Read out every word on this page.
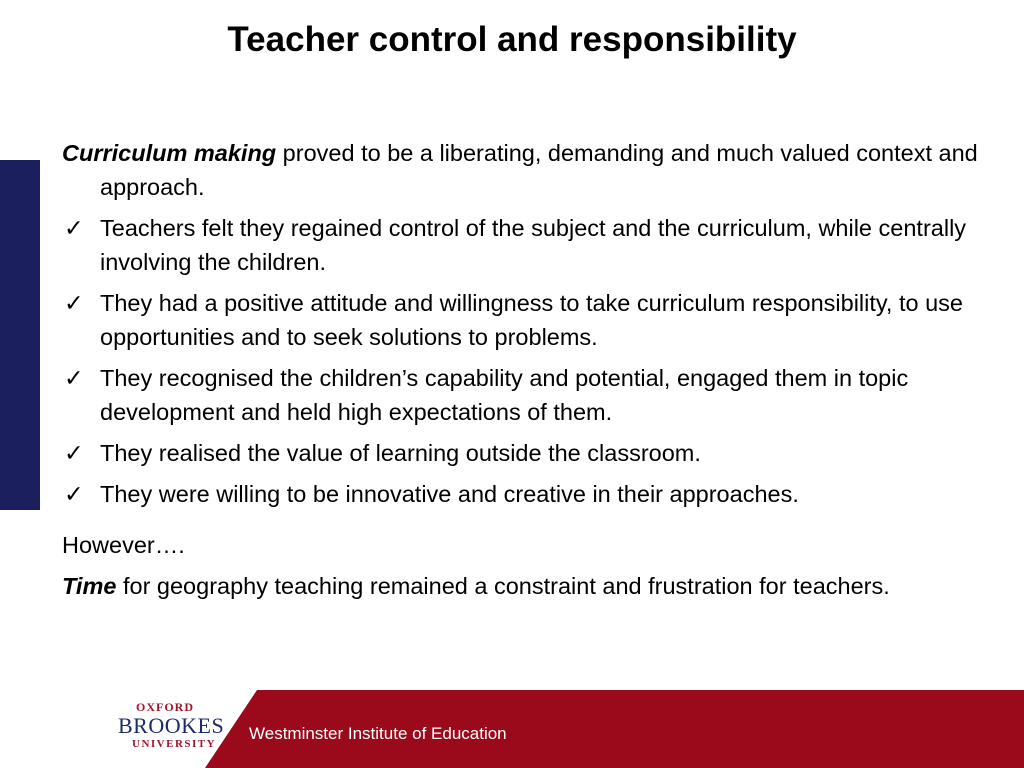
Teacher control and responsibility

Curriculum making proved to be a liberating, demanding and much valued context and approach.

✓ Teachers felt they regained control of the subject and the curriculum, while centrally involving the children.
✓ They had a positive attitude and willingness to take curriculum responsibility, to use opportunities and to seek solutions to problems.
✓ They recognised the children’s capability and potential, engaged them in topic development and held high expectations of them.
✓ They realised the value of learning outside the classroom.
✓ They were willing to be innovative and creative in their approaches.

However….

Time for geography teaching remained a constraint and frustration for teachers.

OXFORD
BROOKES
UNIVERSITY
Westminster Institute of Education
